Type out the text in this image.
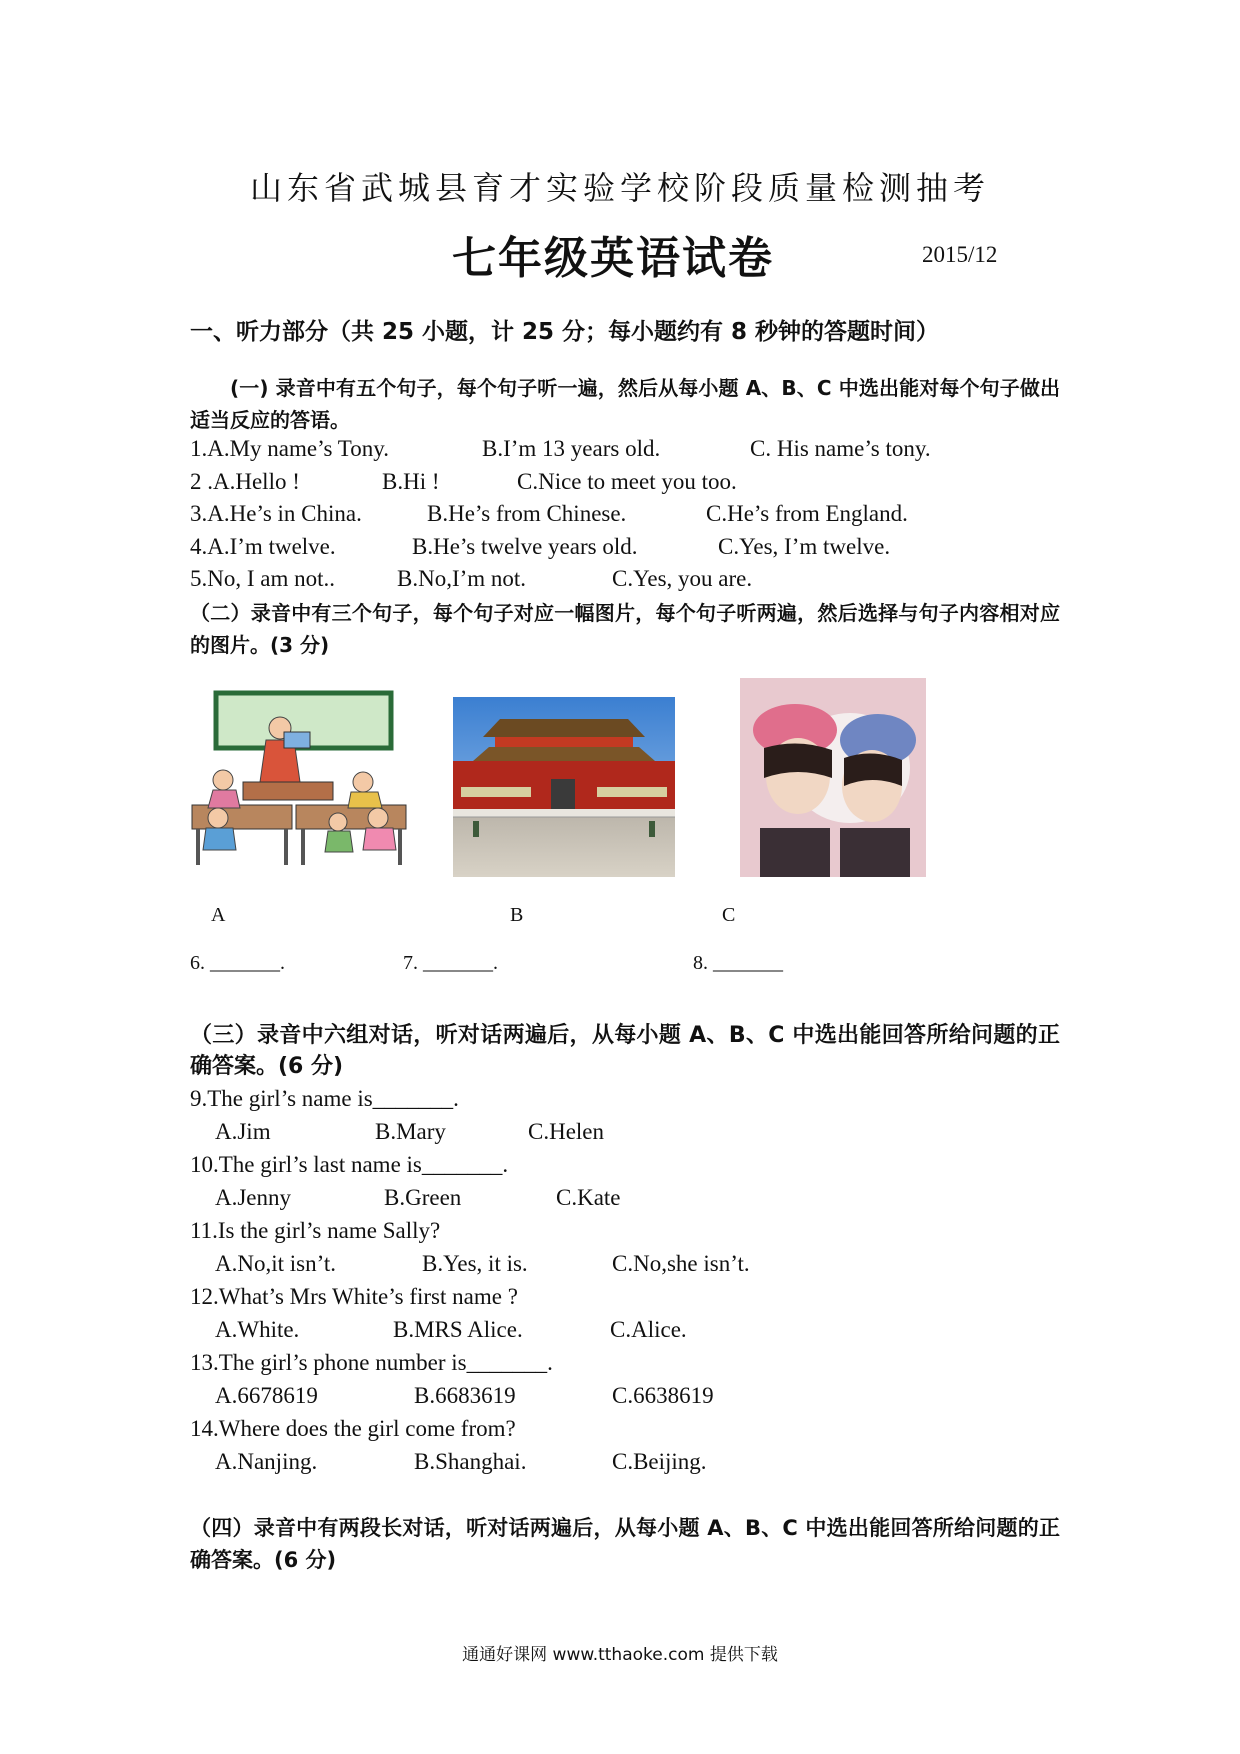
山东省武城县育才实验学校阶段质量检测抽考
七年级英语试卷	2015/12
一、听力部分（共 25 小题，计 25 分；每小题约有 8 秒钟的答题时间）
(一) 录音中有五个句子，每个句子听一遍，然后从每小题 A、B、C 中选出能对每个句子做出适当反应的答语。
1.A.My name’s Tony.	B.I’m 13 years old.	C. His name’s tony.
2 .A.Hello !	B.Hi !	C.Nice to meet you too.
3.A.He’s in China.	B.He’s from Chinese.	C.He’s from England.
4.A.I’m twelve.	B.He’s twelve years old.	C.Yes, I’m twelve.
5.No, I am not..	B.No,I’m not.	C.Yes, you are.
（二）录音中有三个句子，每个句子对应一幅图片，每个句子听两遍，然后选择与句子内容相对应的图片。(3 分)
A	B	C
6. _______.	7. _______.	8. _______
（三）录音中六组对话，听对话两遍后，从每小题 A、B、C 中选出能回答所给问题的正确答案。(6 分)
9.The girl’s name is_______.
A.Jim	B.Mary	C.Helen
10.The girl’s last name is_______.
A.Jenny	B.Green	C.Kate
11.Is the girl’s name Sally?
A.No,it isn’t.	B.Yes, it is.	C.No,she isn’t.
12.What’s Mrs White’s first name ?
A.White.	B.MRS Alice.	C.Alice.
13.The girl’s phone number is_______.
A.6678619	B.6683619	C.6638619
14.Where does the girl come from?
A.Nanjing.	B.Shanghai.	C.Beijing.
（四）录音中有两段长对话，听对话两遍后，从每小题 A、B、C 中选出能回答所给问题的正确答案。(6 分)
通通好课网 www.tthaoke.com 提供下载
